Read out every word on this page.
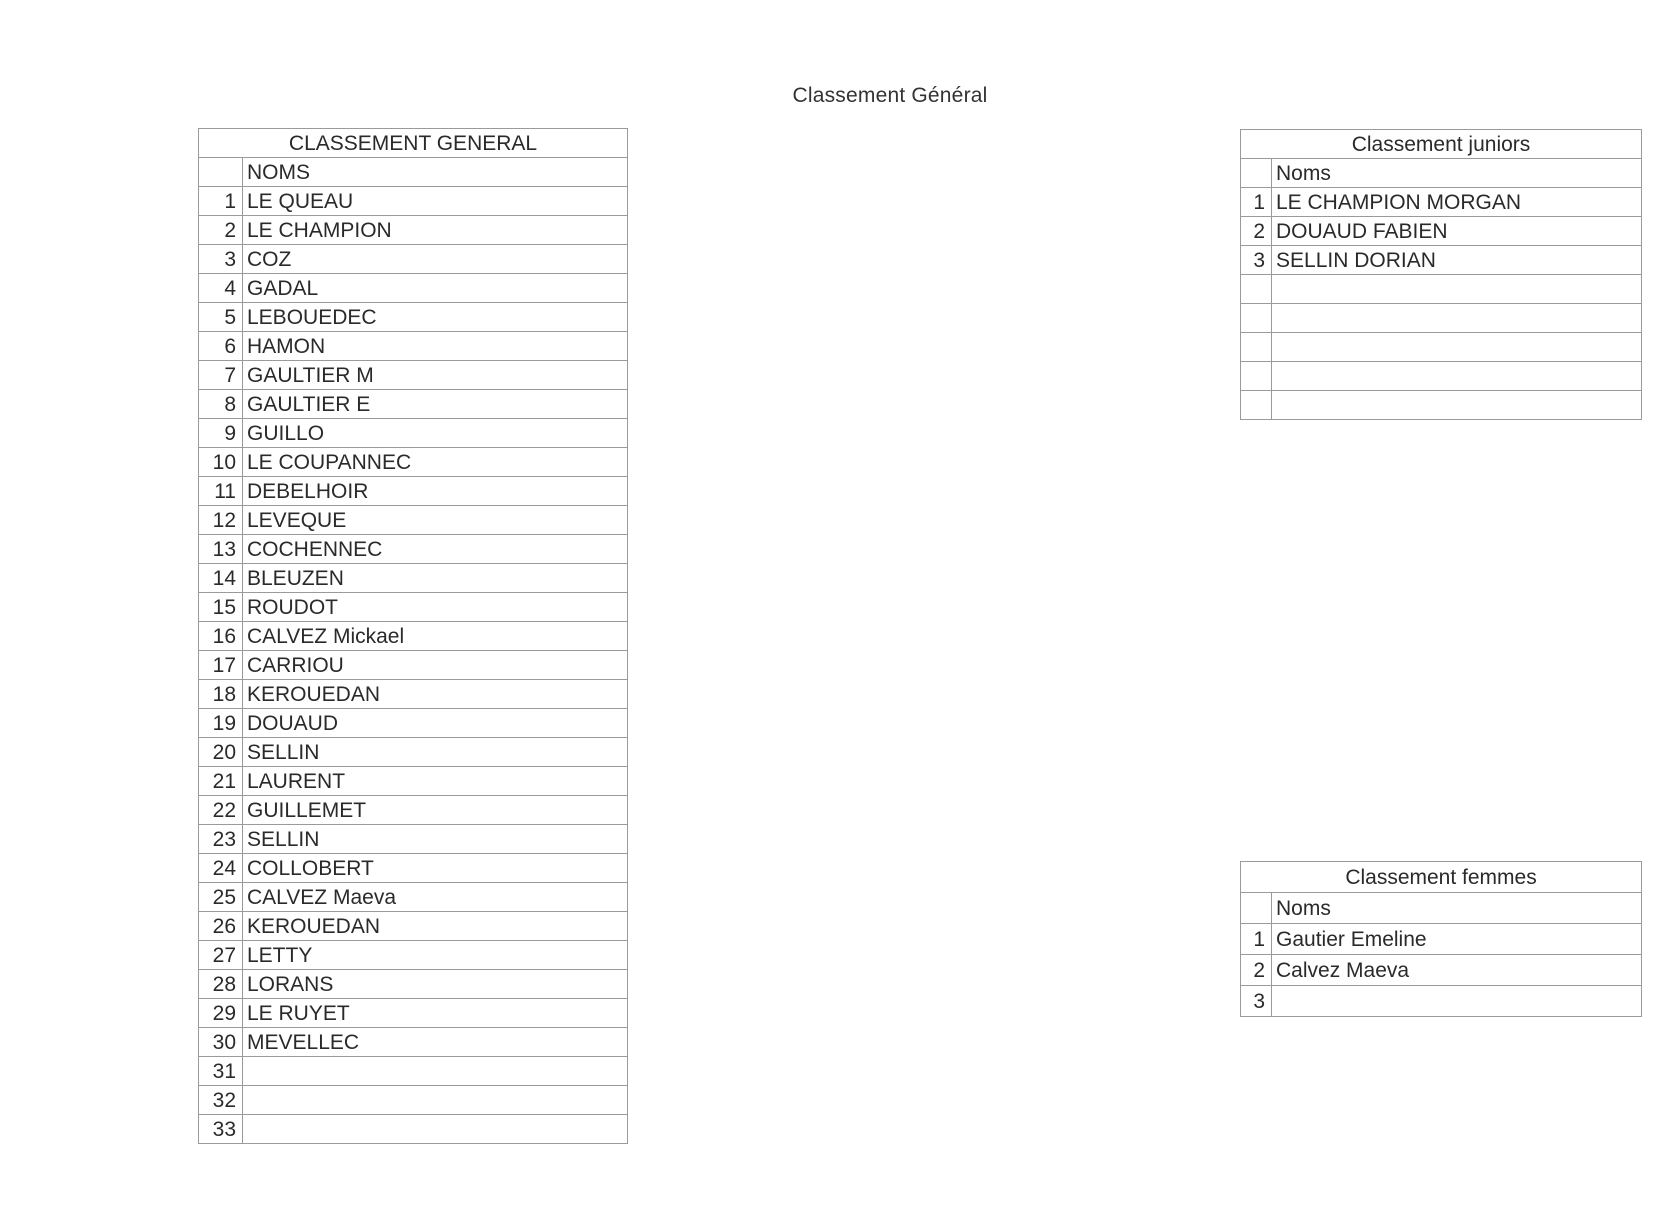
Classement Général
CLASSEMENT GENERAL	
	NOMS
1	LE QUEAU
2	LE CHAMPION
3	COZ
4	GADAL
5	LEBOUEDEC
6	HAMON
7	GAULTIER M
8	GAULTIER E
9	GUILLO
10	LE COUPANNEC
11	DEBELHOIR
12	LEVEQUE
13	COCHENNEC
14	BLEUZEN
15	ROUDOT
16	CALVEZ Mickael
17	CARRIOU
18	KEROUEDAN
19	DOUAUD
20	SELLIN
21	LAURENT
22	GUILLEMET
23	SELLIN
24	COLLOBERT
25	CALVEZ Maeva
26	KEROUEDAN
27	LETTY
28	LORANS
29	LE RUYET
30	MEVELLEC
31	
32	
33	
Classement juniors	
	Noms
1	LE CHAMPION MORGAN
2	DOUAUD FABIEN
3	SELLIN DORIAN

Classement femmes	
	Noms
1	Gautier Emeline
2	Calvez Maeva
3	
